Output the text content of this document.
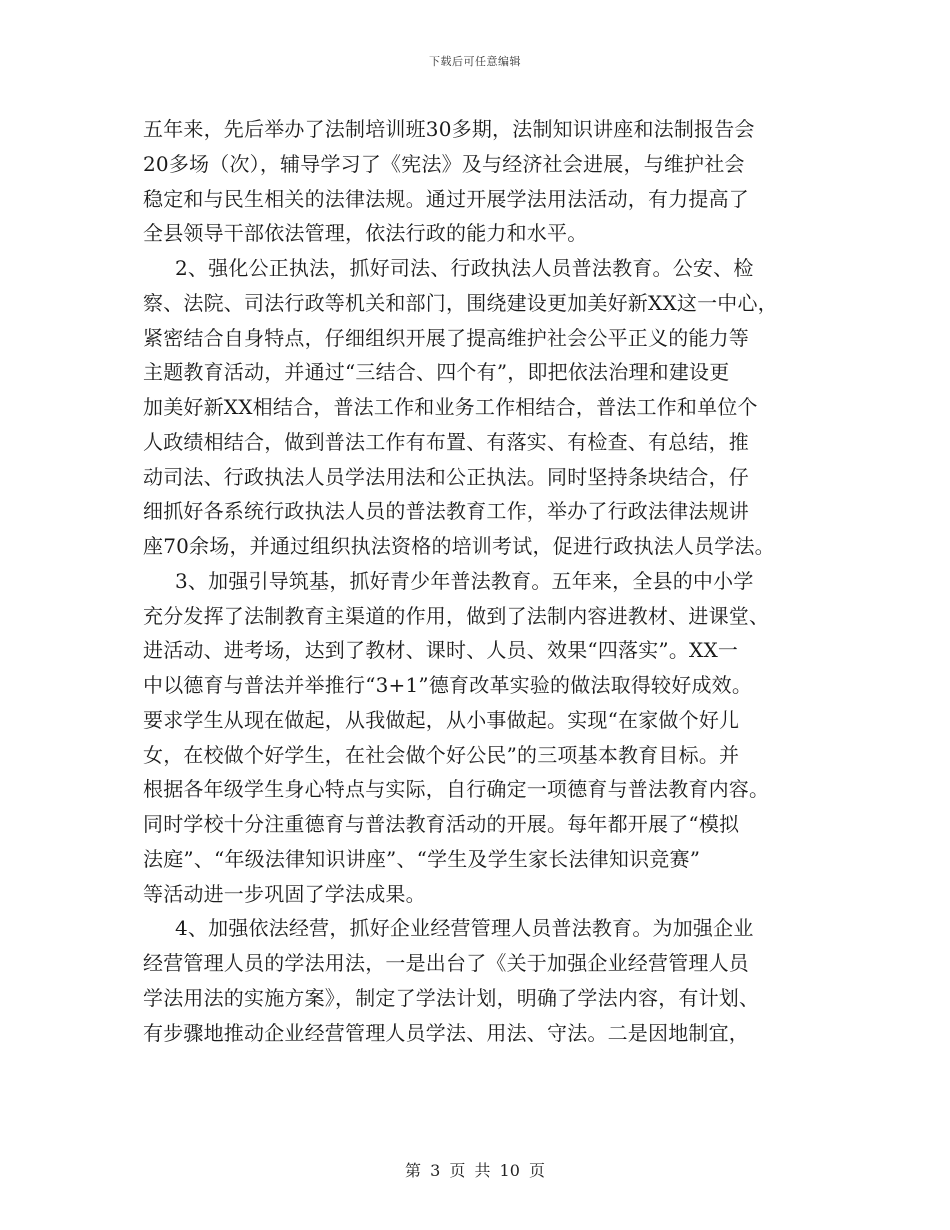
下载后可任意编辑
五年来，先后举办了法制培训班30多期，法制知识讲座和法制报告会
20多场（次），辅导学习了《宪法》及与经济社会进展，与维护社会
稳定和与民生相关的法律法规。通过开展学法用法活动，有力提高了
全县领导干部依法管理，依法行政的能力和水平。
2、强化公正执法，抓好司法、行政执法人员普法教育。公安、检
察、法院、司法行政等机关和部门，围绕建设更加美好新XX这一中心，
紧密结合自身特点，仔细组织开展了提高维护社会公平正义的能力等
主题教育活动，并通过“三结合、四个有”，即把依法治理和建设更
加美好新XX相结合，普法工作和业务工作相结合，普法工作和单位个
人政绩相结合，做到普法工作有布置、有落实、有检查、有总结，推
动司法、行政执法人员学法用法和公正执法。同时坚持条块结合，仔
细抓好各系统行政执法人员的普法教育工作，举办了行政法律法规讲
座70余场，并通过组织执法资格的培训考试，促进行政执法人员学法。
3、加强引导筑基，抓好青少年普法教育。五年来，全县的中小学
充分发挥了法制教育主渠道的作用，做到了法制内容进教材、进课堂、
进活动、进考场，达到了教材、课时、人员、效果“四落实”。XX一
中以德育与普法并举推行“3+1”德育改革实验的做法取得较好成效。
要求学生从现在做起，从我做起，从小事做起。实现“在家做个好儿
女，在校做个好学生，在社会做个好公民”的三项基本教育目标。并
根据各年级学生身心特点与实际，自行确定一项德育与普法教育内容。
同时学校十分注重德育与普法教育活动的开展。每年都开展了“模拟
法庭”、“年级法律知识讲座”、“学生及学生家长法律知识竞赛”
等活动进一步巩固了学法成果。
4、加强依法经营，抓好企业经营管理人员普法教育。为加强企业
经营管理人员的学法用法，一是出台了《关于加强企业经营管理人员
学法用法的实施方案》，制定了学法计划，明确了学法内容，有计划、
有步骤地推动企业经营管理人员学法、用法、守法。二是因地制宜，
第 3 页 共 10 页
